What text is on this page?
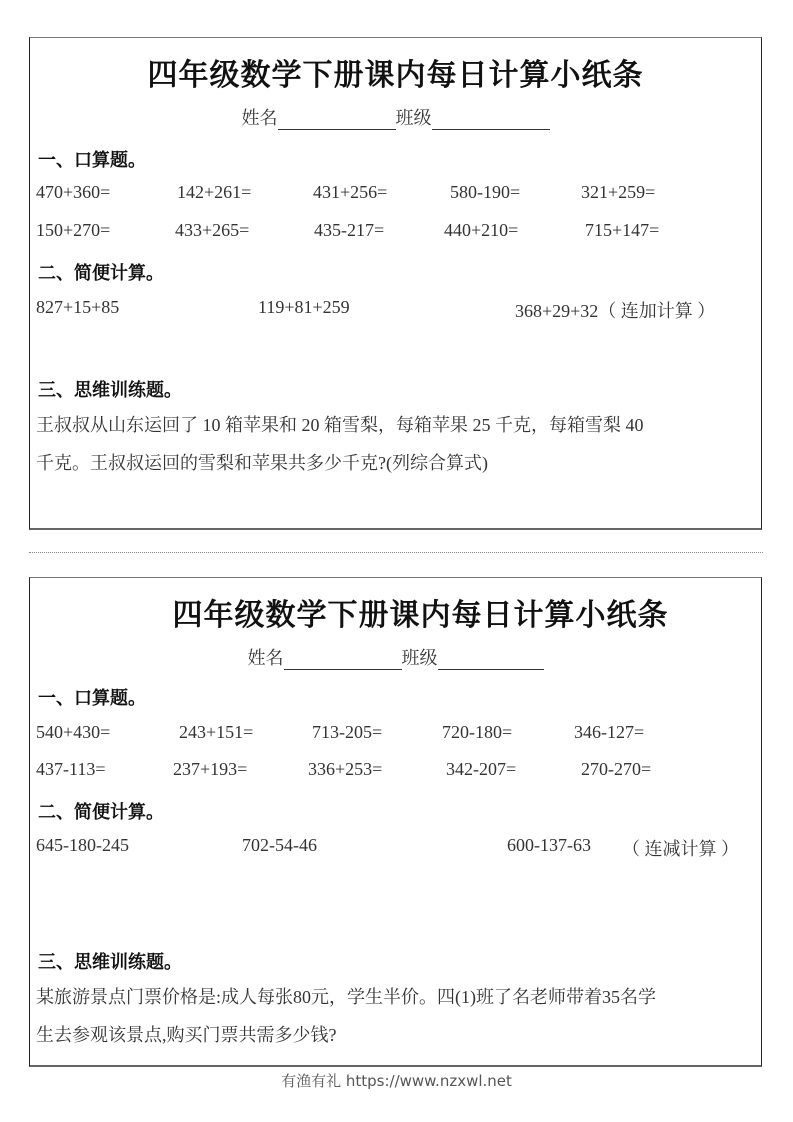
四年级数学下册课内每日计算小纸条
姓名	班级
一、口算题。
470+360=	142+261=	431+256=	580-190=	321+259=
150+270=	433+265=	435-217=	440+210=	715+147=
二、简便计算。
827+15+85	119+81+259	368+29+32（ 连加计算 ）
三、思维训练题。
王叔叔从山东运回了 10 箱苹果和 20 箱雪梨，每箱苹果 25 千克，每箱雪梨 40
千克。王叔叔运回的雪梨和苹果共多少千克?(列综合算式)
四年级数学下册课内每日计算小纸条
姓名	班级
一、口算题。
540+430=	243+151=	713-205=	720-180=	346-127=
437-113=	237+193=	336+253=	342-207=	270-270=
二、简便计算。
645-180-245	702-54-46	600-137-63 （ 连减计算 ）
三、思维训练题。
某旅游景点门票价格是:成人每张80元，学生半价。四(1)班了名老师带着35名学
生去参观该景点,购买门票共需多少钱?
有渔有礼 https://www.nzxwl.net
